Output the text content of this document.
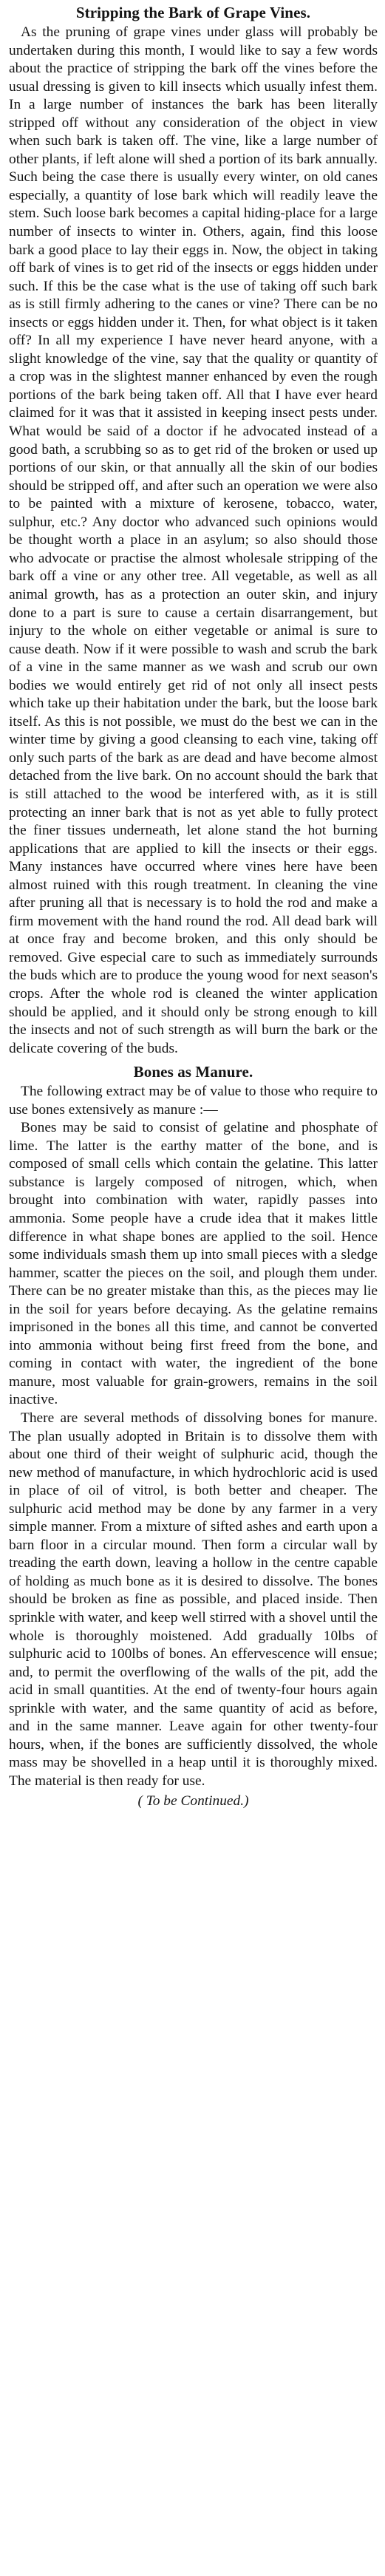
Stripping the Bark of Grape Vines.

As the pruning of grape vines under glass will probably be undertaken during this month, I would like to say a few words about the practice of stripping the bark off the vines before the usual dressing is given to kill insects which usually infest them. In a large number of instances the bark has been literally stripped off without any consideration of the object in view when such bark is taken off. The vine, like a large number of other plants, if left alone will shed a portion of its bark annually. Such being the case there is usually every winter, on old canes especially, a quantity of lose bark which will readily leave the stem. Such loose bark becomes a capital hiding-place for a large number of insects to winter in. Others, again, find this loose bark a good place to lay their eggs in. Now, the object in taking off bark of vines is to get rid of the insects or eggs hidden under such. If this be the case what is the use of taking off such bark as is still firmly adhering to the canes or vine? There can be no insects or eggs hidden under it. Then, for what object is it taken off? In all my experience I have never heard anyone, with a slight knowledge of the vine, say that the quality or quantity of a crop was in the slightest manner enhanced by even the rough portions of the bark being taken off. All that I have ever heard claimed for it was that it assisted in keeping insect pests under. What would be said of a doctor if he advocated instead of a good bath, a scrubbing so as to get rid of the broken or used up portions of our skin, or that annually all the skin of our bodies should be stripped off, and after such an operation we were also to be painted with a mixture of kerosene, tobacco, water, sulphur, etc.? Any doctor who advanced such opinions would be thought worth a place in an asylum; so also should those who advocate or practise the almost wholesale stripping of the bark off a vine or any other tree. All vegetable, as well as all animal growth, has as a protection an outer skin, and injury done to a part is sure to cause a certain disarrangement, but injury to the whole on either vegetable or animal is sure to cause death. Now if it were possible to wash and scrub the bark of a vine in the same manner as we wash and scrub our own bodies we would entirely get rid of not only all insect pests which take up their habitation under the bark, but the loose bark itself. As this is not possible, we must do the best we can in the winter time by giving a good cleansing to each vine, taking off only such parts of the bark as are dead and have become almost detached from the live bark. On no account should the bark that is still attached to the wood be interfered with, as it is still protecting an inner bark that is not as yet able to fully protect the finer tissues underneath, let alone stand the hot burning applications that are applied to kill the insects or their eggs. Many instances have occurred where vines here have been almost ruined with this rough treatment. In cleaning the vine after pruning all that is necessary is to hold the rod and make a firm movement with the hand round the rod. All dead bark will at once fray and become broken, and this only should be removed. Give especial care to such as immediately surrounds the buds which are to produce the young wood for next season's crops. After the whole rod is cleaned the winter application should be applied, and it should only be strong enough to kill the insects and not of such strength as will burn the bark or the delicate covering of the buds.

Bones as Manure.

The following extract may be of value to those who require to use bones extensively as manure :—

Bones may be said to consist of gelatine and phosphate of lime. The latter is the earthy matter of the bone, and is composed of small cells which contain the gelatine. This latter substance is largely composed of nitrogen, which, when brought into combination with water, rapidly passes into ammonia. Some people have a crude idea that it makes little difference in what shape bones are applied to the soil. Hence some individuals smash them up into small pieces with a sledge hammer, scatter the pieces on the soil, and plough them under. There can be no greater mistake than this, as the pieces may lie in the soil for years before decaying. As the gelatine remains imprisoned in the bones all this time, and cannot be converted into ammonia without being first freed from the bone, and coming in contact with water, the ingredient of the bone manure, most valuable for grain-growers, remains in the soil inactive.

There are several methods of dissolving bones for manure. The plan usually adopted in Britain is to dissolve them with about one third of their weight of sulphuric acid, though the new method of manufacture, in which hydrochloric acid is used in place of oil of vitrol, is both better and cheaper. The sulphuric acid method may be done by any farmer in a very simple manner. From a mixture of sifted ashes and earth upon a barn floor in a circular mound. Then form a circular wall by treading the earth down, leaving a hollow in the centre capable of holding as much bone as it is desired to dissolve. The bones should be broken as fine as possible, and placed inside. Then sprinkle with water, and keep well stirred with a shovel until the whole is thoroughly moistened. Add gradually 10lbs of sulphuric acid to 100lbs of bones. An effervescence will ensue; and, to permit the overflowing of the walls of the pit, add the acid in small quantities. At the end of twenty-four hours again sprinkle with water, and the same quantity of acid as before, and in the same manner. Leave again for other twenty-four hours, when, if the bones are sufficiently dissolved, the whole mass may be shovelled in a heap until it is thoroughly mixed. The material is then ready for use.

( To be Continued.)
